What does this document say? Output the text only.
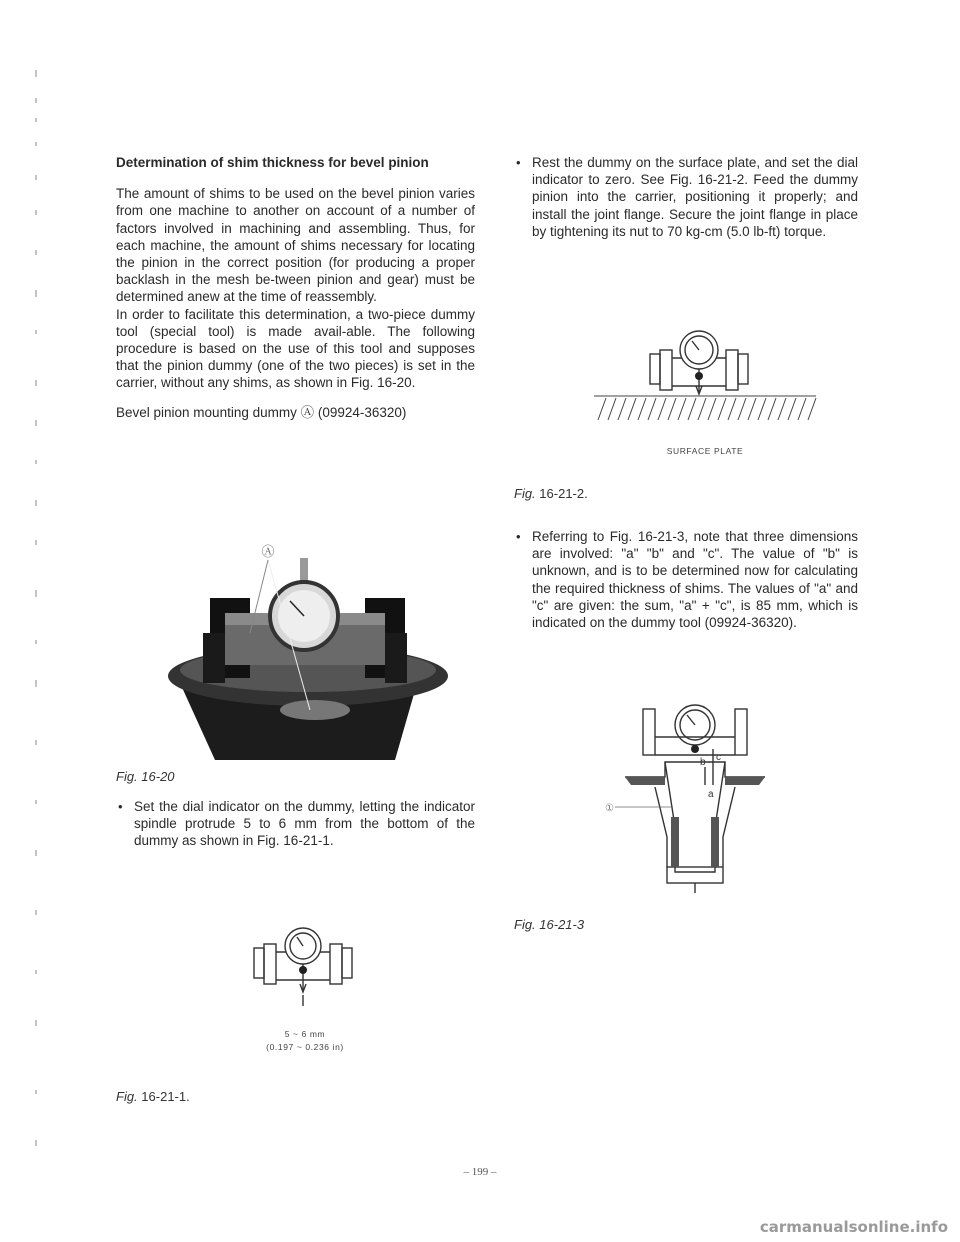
Determination of shim thickness for bevel pinion

The amount of shims to be used on the bevel pinion varies from one machine to another on account of a number of factors involved in machining and assembling. Thus, for each machine, the amount of shims necessary for locating the pinion in the correct position (for producing a proper backlash in the mesh be-tween pinion and gear) must be determined anew at the time of reassembly.

In order to facilitate this determination, a two-piece dummy tool (special tool) is made avail-able. The following procedure is based on the use of this tool and supposes that the pinion dummy (one of the two pieces) is set in the carrier, without any shims, as shown in Fig. 16-20.

Bevel pinion mounting dummy Ⓐ (09924-36320)

Ⓐ
Fig. 16-20

• Set the dial indicator on the dummy, letting the indicator spindle protrude 5 to 6 mm from the bottom of the dummy as shown in Fig. 16-21-1.

5 ~ 6 mm
(0.197 ~ 0.236 in)
Fig. 16-21-1.

• Rest the dummy on the surface plate, and set the dial indicator to zero. See Fig. 16-21-2. Feed the dummy pinion into the carrier, positioning it properly; and install the joint flange. Secure the joint flange in place by tightening its nut to 70 kg-cm (5.0 lb-ft) torque.

SURFACE PLATE
Fig. 16-21-2.

• Referring to Fig. 16-21-3, note that three dimensions are involved: "a" "b" and "c". The value of "b" is unknown, and is to be determined now for calculating the required thickness of shims. The values of "a" and "c" are given: the sum, "a" + "c", is 85 mm, which is indicated on the dummy tool (09924-36320).

b c
a
①
Fig. 16-21-3
– 199 –
carmanualsonline.info
